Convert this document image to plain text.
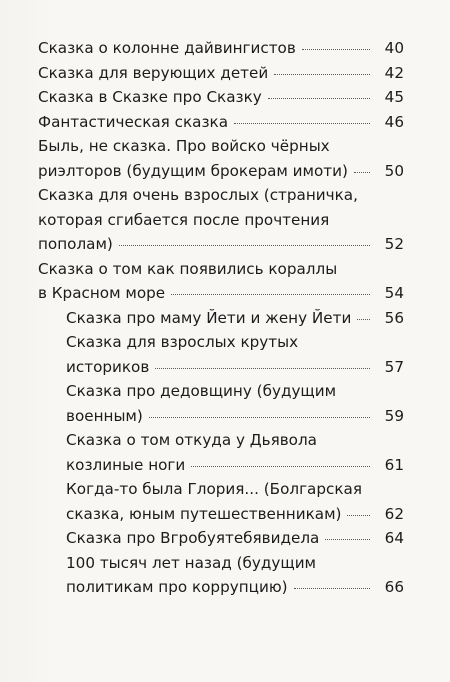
Сказка о колонне дайвингистов	40
Сказка для верующих детей	42
Сказка в Сказке про Сказку	45
Фантастическая сказка	46
Быль, не сказка. Про войско чёрных
риэлторов (будущим брокерам имоти)	50
Сказка для очень взрослых (страничка,
которая сгибается после прочтения
пополам)	52
Сказка о том как появились кораллы
в Красном море	54
Сказка про маму Йети и жену Йети	56
Сказка для взрослых крутых
историков	57
Сказка про дедовщину (будущим
военным)	59
Сказка о том откуда у Дьявола
козлиные ноги	61
Когда-то была Глория... (Болгарская
сказка, юным путешественникам)	62
Сказка про Вгробуятебявидела	64
100 тысяч лет назад (будущим
политикам про коррупцию)	66
